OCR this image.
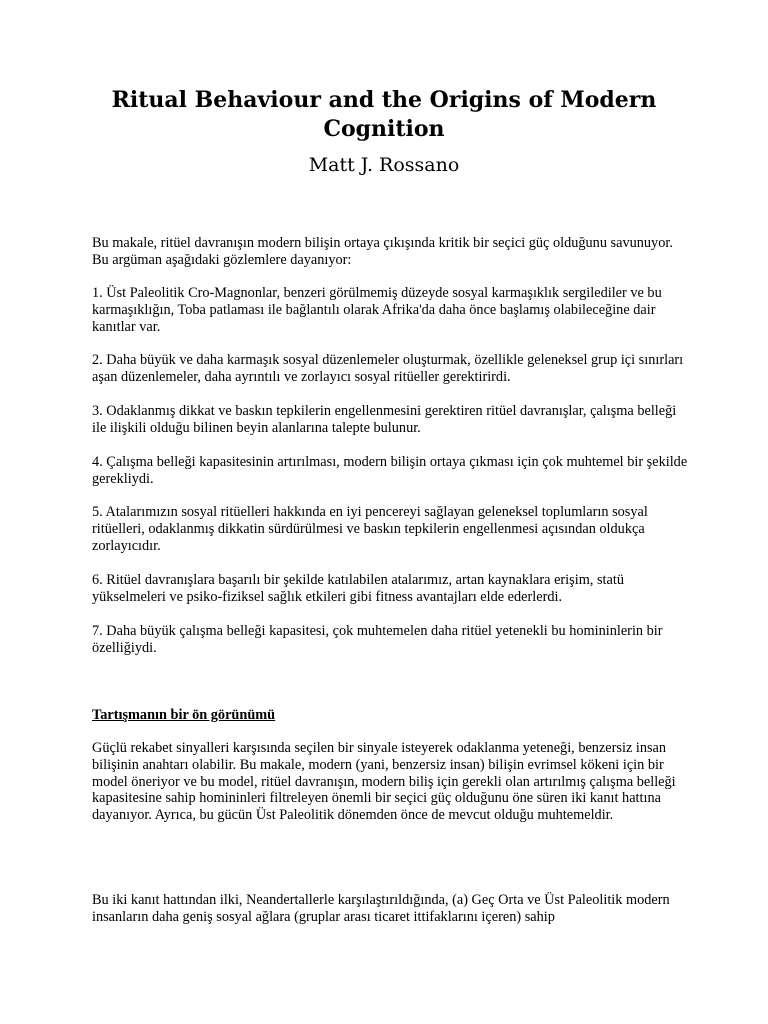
Ritual Behaviour and the Origins of Modern Cognition

Matt J. Rossano

Bu makale, ritüel davranışın modern bilişin ortaya çıkışında kritik bir seçici güç olduğunu savunuyor. Bu argüman aşağıdaki gözlemlere dayanıyor:

1. Üst Paleolitik Cro-Magnonlar, benzeri görülmemiş düzeyde sosyal karmaşıklık sergilediler ve bu karmaşıklığın, Toba patlaması ile bağlantılı olarak Afrika'da daha önce başlamış olabileceğine dair kanıtlar var.

2. Daha büyük ve daha karmaşık sosyal düzenlemeler oluşturmak, özellikle geleneksel grup içi sınırları aşan düzenlemeler, daha ayrıntılı ve zorlayıcı sosyal ritüeller gerektirirdi.

3. Odaklanmış dikkat ve baskın tepkilerin engellenmesini gerektiren ritüel davranışlar, çalışma belleği ile ilişkili olduğu bilinen beyin alanlarına talepte bulunur.

4. Çalışma belleği kapasitesinin artırılması, modern bilişin ortaya çıkması için çok muhtemel bir şekilde gerekliydi.

5. Atalarımızın sosyal ritüelleri hakkında en iyi pencereyi sağlayan geleneksel toplumların sosyal ritüelleri, odaklanmış dikkatin sürdürülmesi ve baskın tepkilerin engellenmesi açısından oldukça zorlayıcıdır.

6. Ritüel davranışlara başarılı bir şekilde katılabilen atalarımız, artan kaynaklara erişim, statü yükselmeleri ve psiko-fiziksel sağlık etkileri gibi fitness avantajları elde ederlerdi.

7. Daha büyük çalışma belleği kapasitesi, çok muhtemelen daha ritüel yetenekli bu homininlerin bir özelliğiydi.

Tartışmanın bir ön görünümü

Güçlü rekabet sinyalleri karşısında seçilen bir sinyale isteyerek odaklanma yeteneği, benzersiz insan bilişinin anahtarı olabilir. Bu makale, modern (yani, benzersiz insan) bilişin evrimsel kökeni için bir model öneriyor ve bu model, ritüel davranışın, modern biliş için gerekli olan artırılmış çalışma belleği kapasitesine sahip homininleri filtreleyen önemli bir seçici güç olduğunu öne süren iki kanıt hattına dayanıyor. Ayrıca, bu gücün Üst Paleolitik dönemden önce de mevcut olduğu muhtemeldir.

Bu iki kanıt hattından ilki, Neandertallerle karşılaştırıldığında, (a) Geç Orta ve Üst Paleolitik modern insanların daha geniş sosyal ağlara (gruplar arası ticaret ittifaklarını içeren) sahip
